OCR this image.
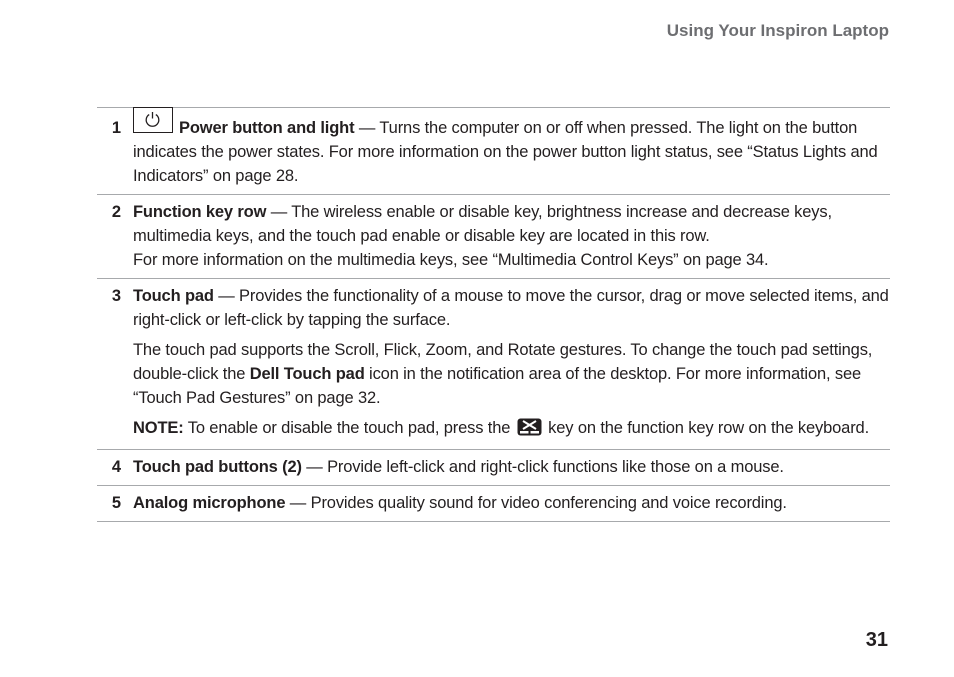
Using Your Inspiron Laptop
1	Power button and light — Turns the computer on or off when pressed. The light on the button indicates the power states. For more information on the power button light status, see “Status Lights and Indicators” on page 28.

2 Function key row — The wireless enable or disable key, brightness increase and decrease keys, multimedia keys, and the touch pad enable or disable key are located in this row.
For more information on the multimedia keys, see “Multimedia Control Keys” on page 34.

3 Touch pad — Provides the functionality of a mouse to move the cursor, drag or move selected items, and right-click or left-click by tapping the surface.

The touch pad supports the Scroll, Flick, Zoom, and Rotate gestures. To change the touch pad settings, double-click the Dell Touch pad icon in the notification area of the desktop. For more information, see “Touch Pad Gestures” on page 32.

NOTE: To enable or disable the touch pad, press the  key on the function key row on the keyboard.

4 Touch pad buttons (2) — Provide left-click and right-click functions like those on a mouse.

5 Analog microphone — Provides quality sound for video conferencing and voice recording.

31
